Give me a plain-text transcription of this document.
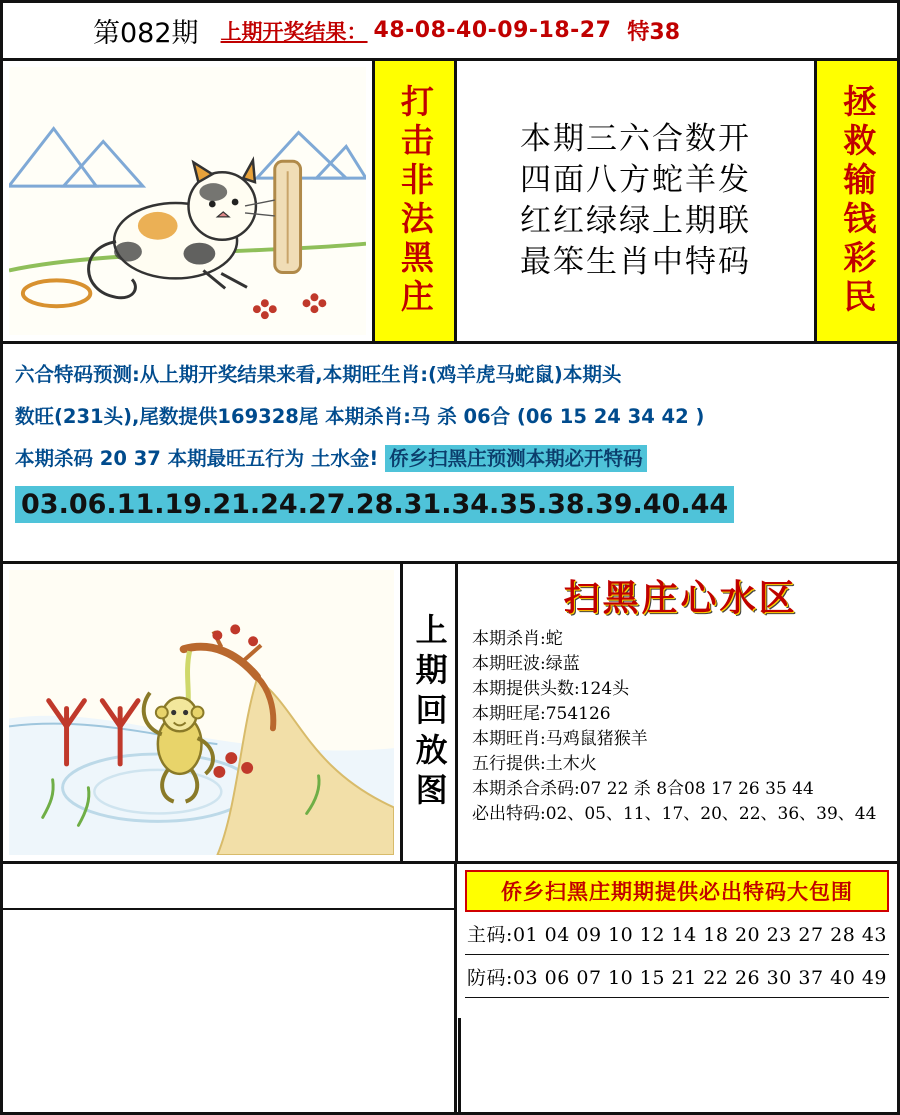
第082期 上期开奖结果： 48-08-40-09-18-27 特38
打击非法黑庄	本期三六合数开
四面八方蛇羊发
红红绿绿上期联
最笨生肖中特码	拯救输钱彩民
六合特码预测:从上期开奖结果来看,本期旺生肖:(鸡羊虎马蛇鼠)本期头
数旺(231头),尾数提供169328尾 本期杀肖:马 杀 06合 (06 15 24 34 42 )
本期杀码 20 37 本期最旺五行为 土水金! 侨乡扫黑庄预测本期必开特码
03.06.11.19.21.24.27.28.31.34.35.38.39.40.44
上期回放图
扫黑庄心水区
本期杀肖:蛇
本期旺波:绿蓝
本期提供头数:124头
本期旺尾:754126
本期旺肖:马鸡鼠猪猴羊
五行提供:土木火
本期杀合杀码:07 22 杀 8合08 17 26 35 44
必出特码:02、05、11、17、20、22、36、39、44
侨乡扫黑庄期期提供必出特码大包围
主码:01 04 09 10 12 14 18 20 23 27 28 43
防码:03 06 07 10 15 21 22 26 30 37 40 49
